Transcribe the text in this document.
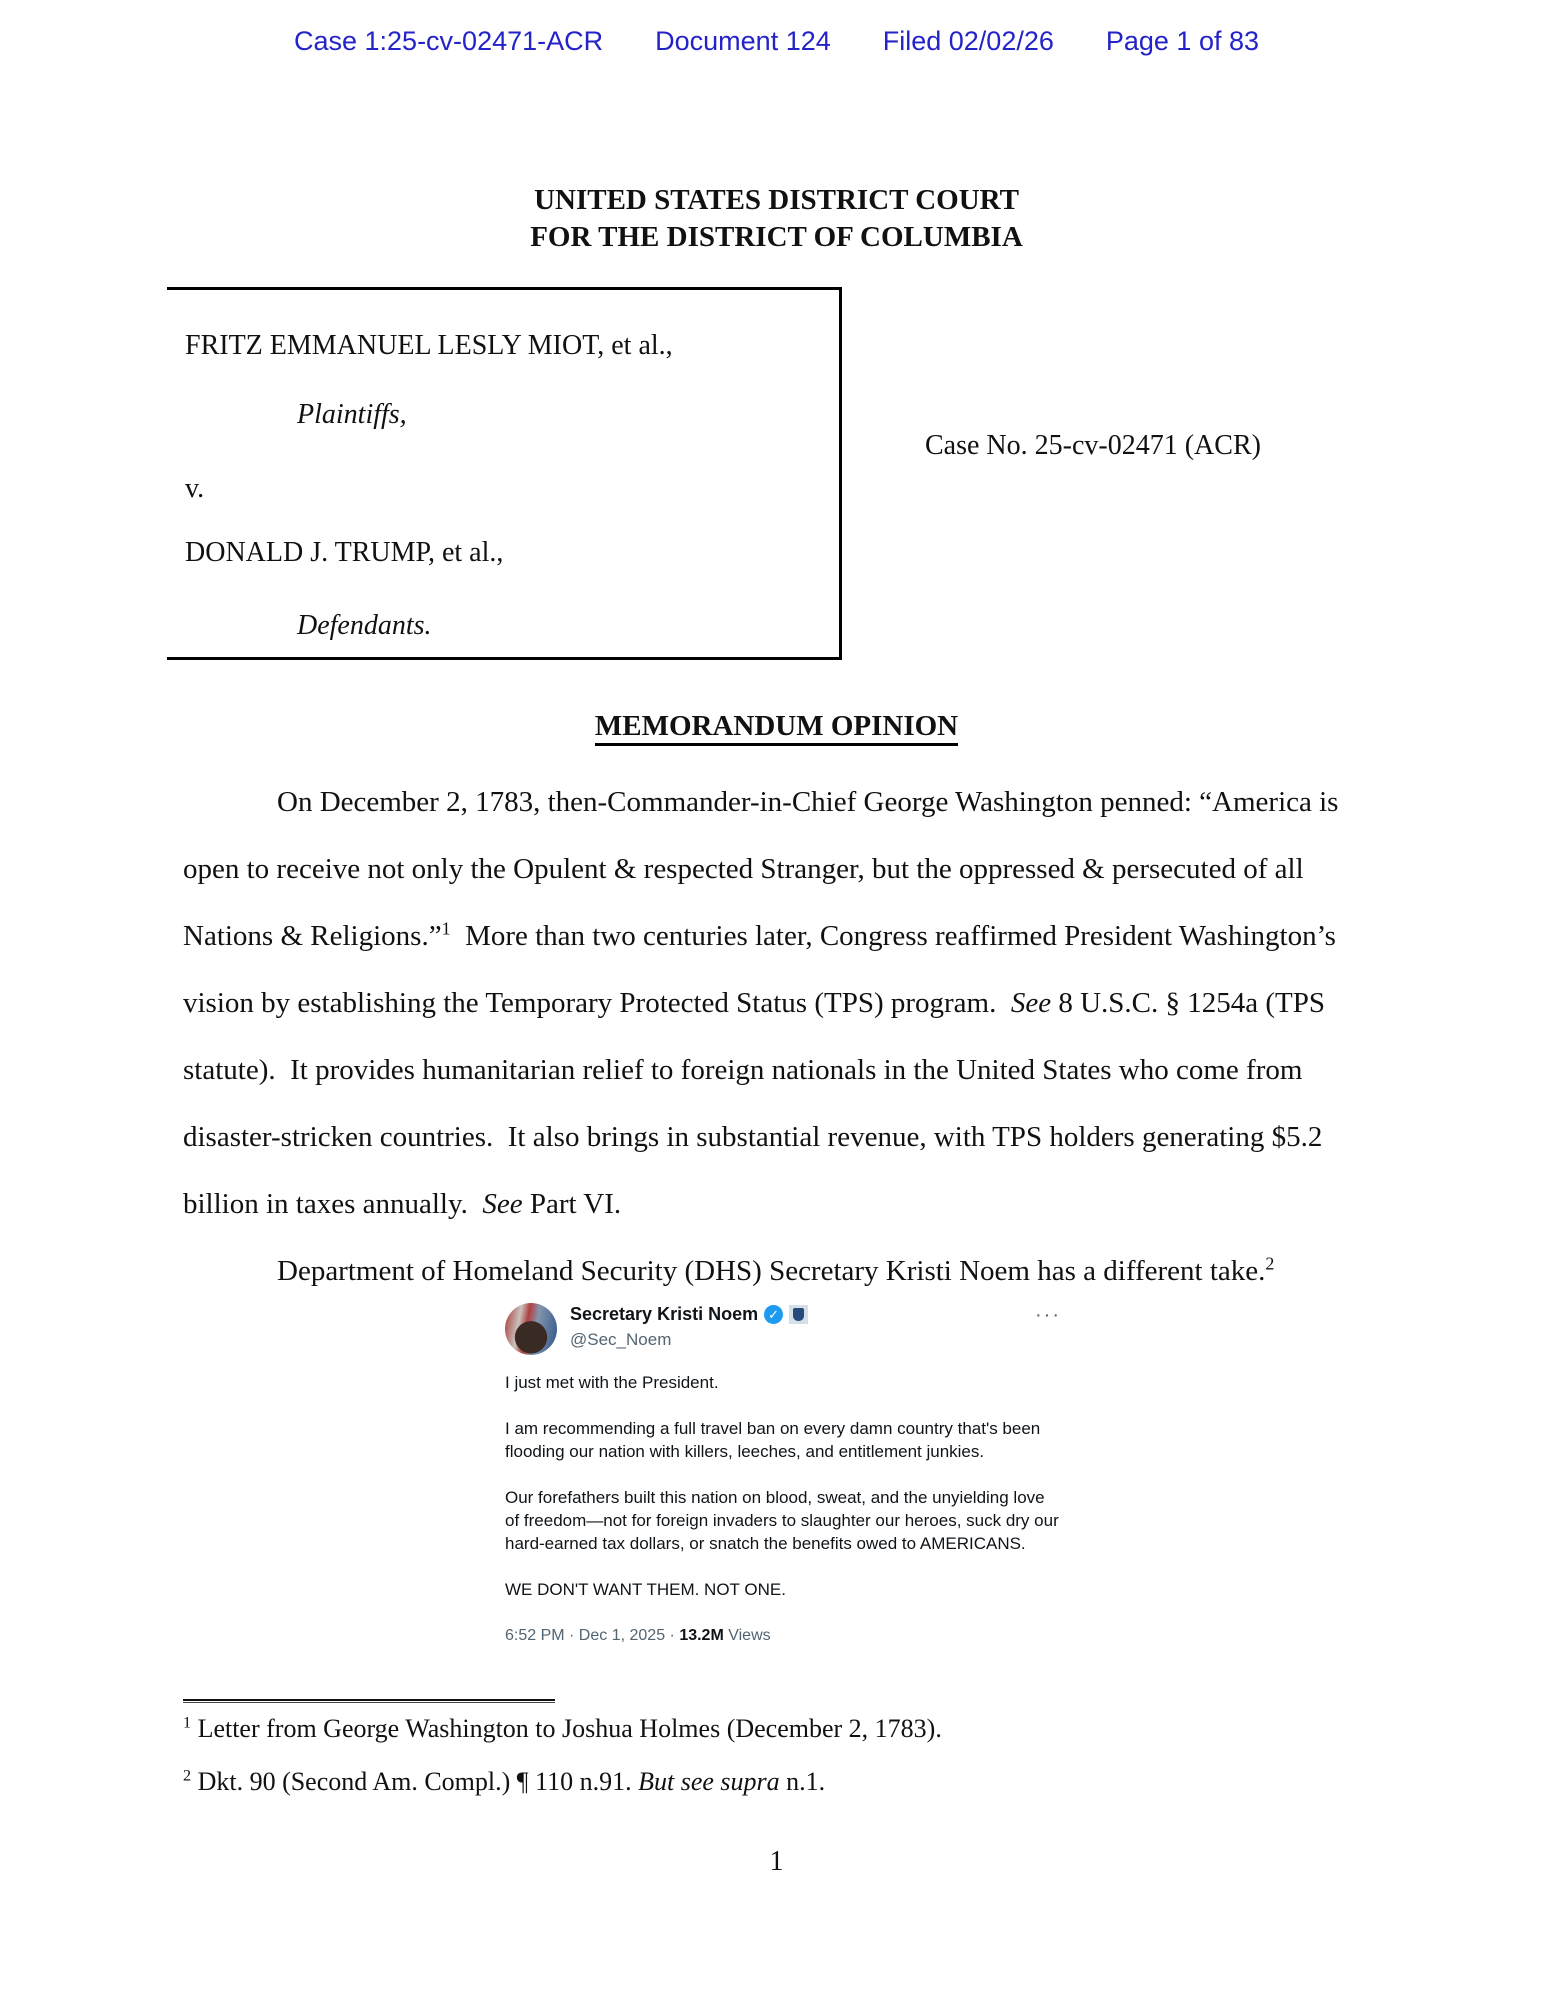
Case 1:25-cv-02471-ACR Document 124 Filed 02/02/26 Page 1 of 83
UNITED STATES DISTRICT COURT
FOR THE DISTRICT OF COLUMBIA
FRITZ EMMANUEL LESLY MIOT, et al.,
Plaintiffs,
v.
DONALD J. TRUMP, et al.,
Defendants.
Case No. 25-cv-02471 (ACR)
MEMORANDUM OPINION

On December 2, 1783, then-Commander-in-Chief George Washington penned: “America is open to receive not only the Opulent & respected Stranger, but the oppressed & persecuted of all Nations & Religions.”$^1$  More than two centuries later, Congress reaffirmed President Washington’s vision by establishing the Temporary Protected Status (TPS) program.  See 8 U.S.C. § 1254a (TPS statute).  It provides humanitarian relief to foreign nationals in the United States who come from disaster-stricken countries.  It also brings in substantial revenue, with TPS holders generating $5.2 billion in taxes annually.  See Part VI.

Department of Homeland Security (DHS) Secretary Kristi Noem has a different take.$^2$

Secretary Kristi Noem ✓	···
@Sec_Noem

I just met with the President.

I am recommending a full travel ban on every damn country that's been flooding our nation with killers, leeches, and entitlement junkies.

Our forefathers built this nation on blood, sweat, and the unyielding love of freedom—not for foreign invaders to slaughter our heroes, suck dry our hard-earned tax dollars, or snatch the benefits owed to AMERICANS.

WE DON'T WANT THEM. NOT ONE.

6:52 PM · Dec 1, 2025 · 13.2M Views
$^1$ Letter from George Washington to Joshua Holmes (December 2, 1783).
$^2$ Dkt. 90 (Second Am. Compl.) ¶ 110 n.91. But see supra n.1.
1
